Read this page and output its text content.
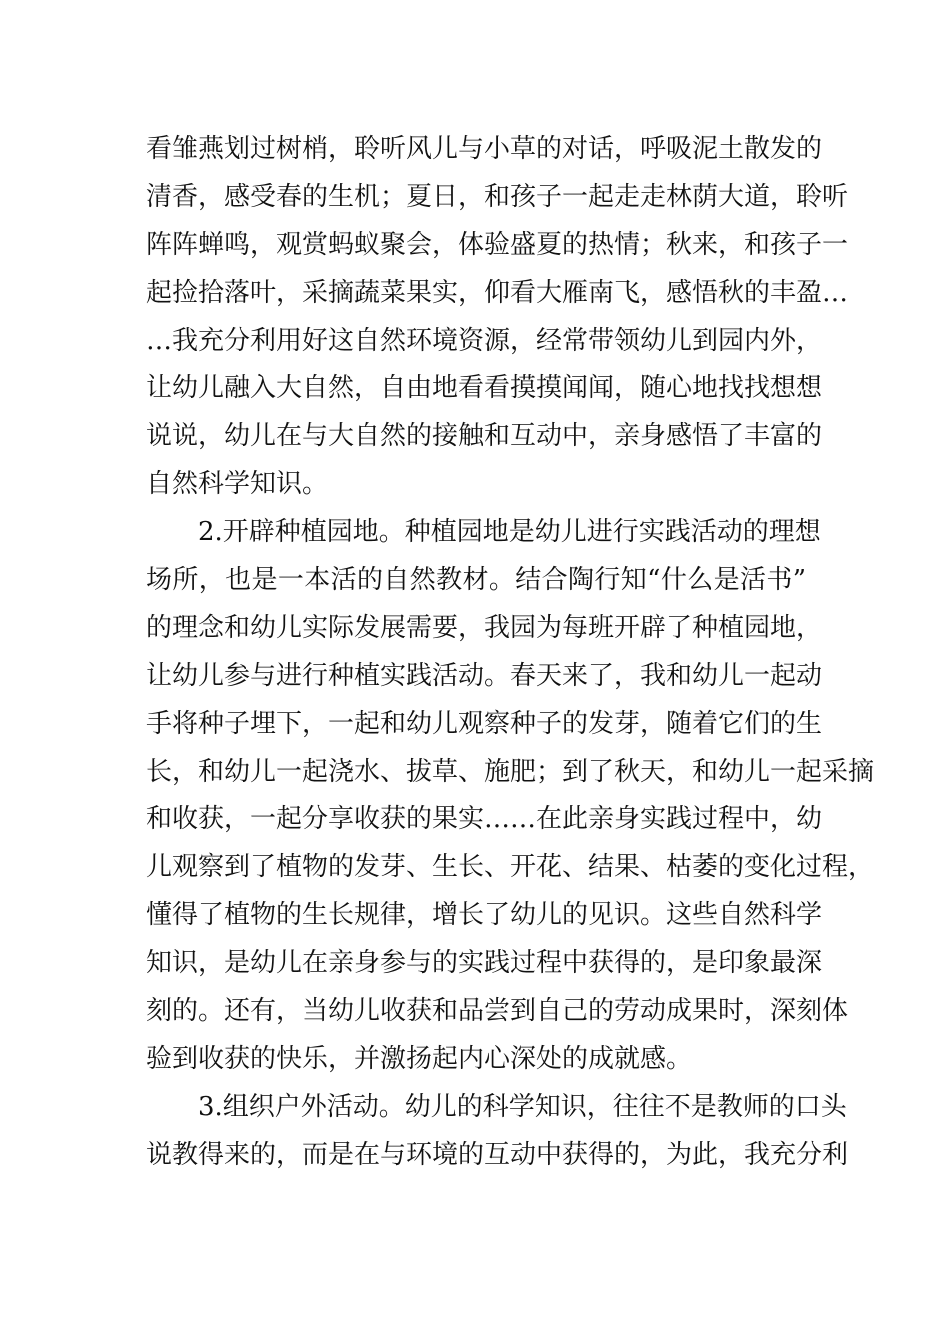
看雏燕划过树梢，聆听风儿与小草的对话，呼吸泥土散发的
清香，感受春的生机；夏日，和孩子一起走走林荫大道，聆听
阵阵蝉鸣，观赏蚂蚁聚会，体验盛夏的热情；秋来，和孩子一
起捡拾落叶，采摘蔬菜果实，仰看大雁南飞，感悟秋的丰盈…
…我充分利用好这自然环境资源，经常带领幼儿到园内外，
让幼儿融入大自然，自由地看看摸摸闻闻，随心地找找想想
说说，幼儿在与大自然的接触和互动中，亲身感悟了丰富的
自然科学知识。
2.开辟种植园地。种植园地是幼儿进行实践活动的理想
场所，也是一本活的自然教材。结合陶行知“什么是活书”
的理念和幼儿实际发展需要，我园为每班开辟了种植园地，
让幼儿参与进行种植实践活动。春天来了，我和幼儿一起动
手将种子埋下，一起和幼儿观察种子的发芽，随着它们的生
长，和幼儿一起浇水、拔草、施肥；到了秋天，和幼儿一起采摘
和收获，一起分享收获的果实……在此亲身实践过程中，幼
儿观察到了植物的发芽、生长、开花、结果、枯萎的变化过程，
懂得了植物的生长规律，增长了幼儿的见识。这些自然科学
知识，是幼儿在亲身参与的实践过程中获得的，是印象最深
刻的。还有，当幼儿收获和品尝到自己的劳动成果时，深刻体
验到收获的快乐，并激扬起内心深处的成就感。
3.组织户外活动。幼儿的科学知识，往往不是教师的口头
说教得来的，而是在与环境的互动中获得的，为此，我充分利
